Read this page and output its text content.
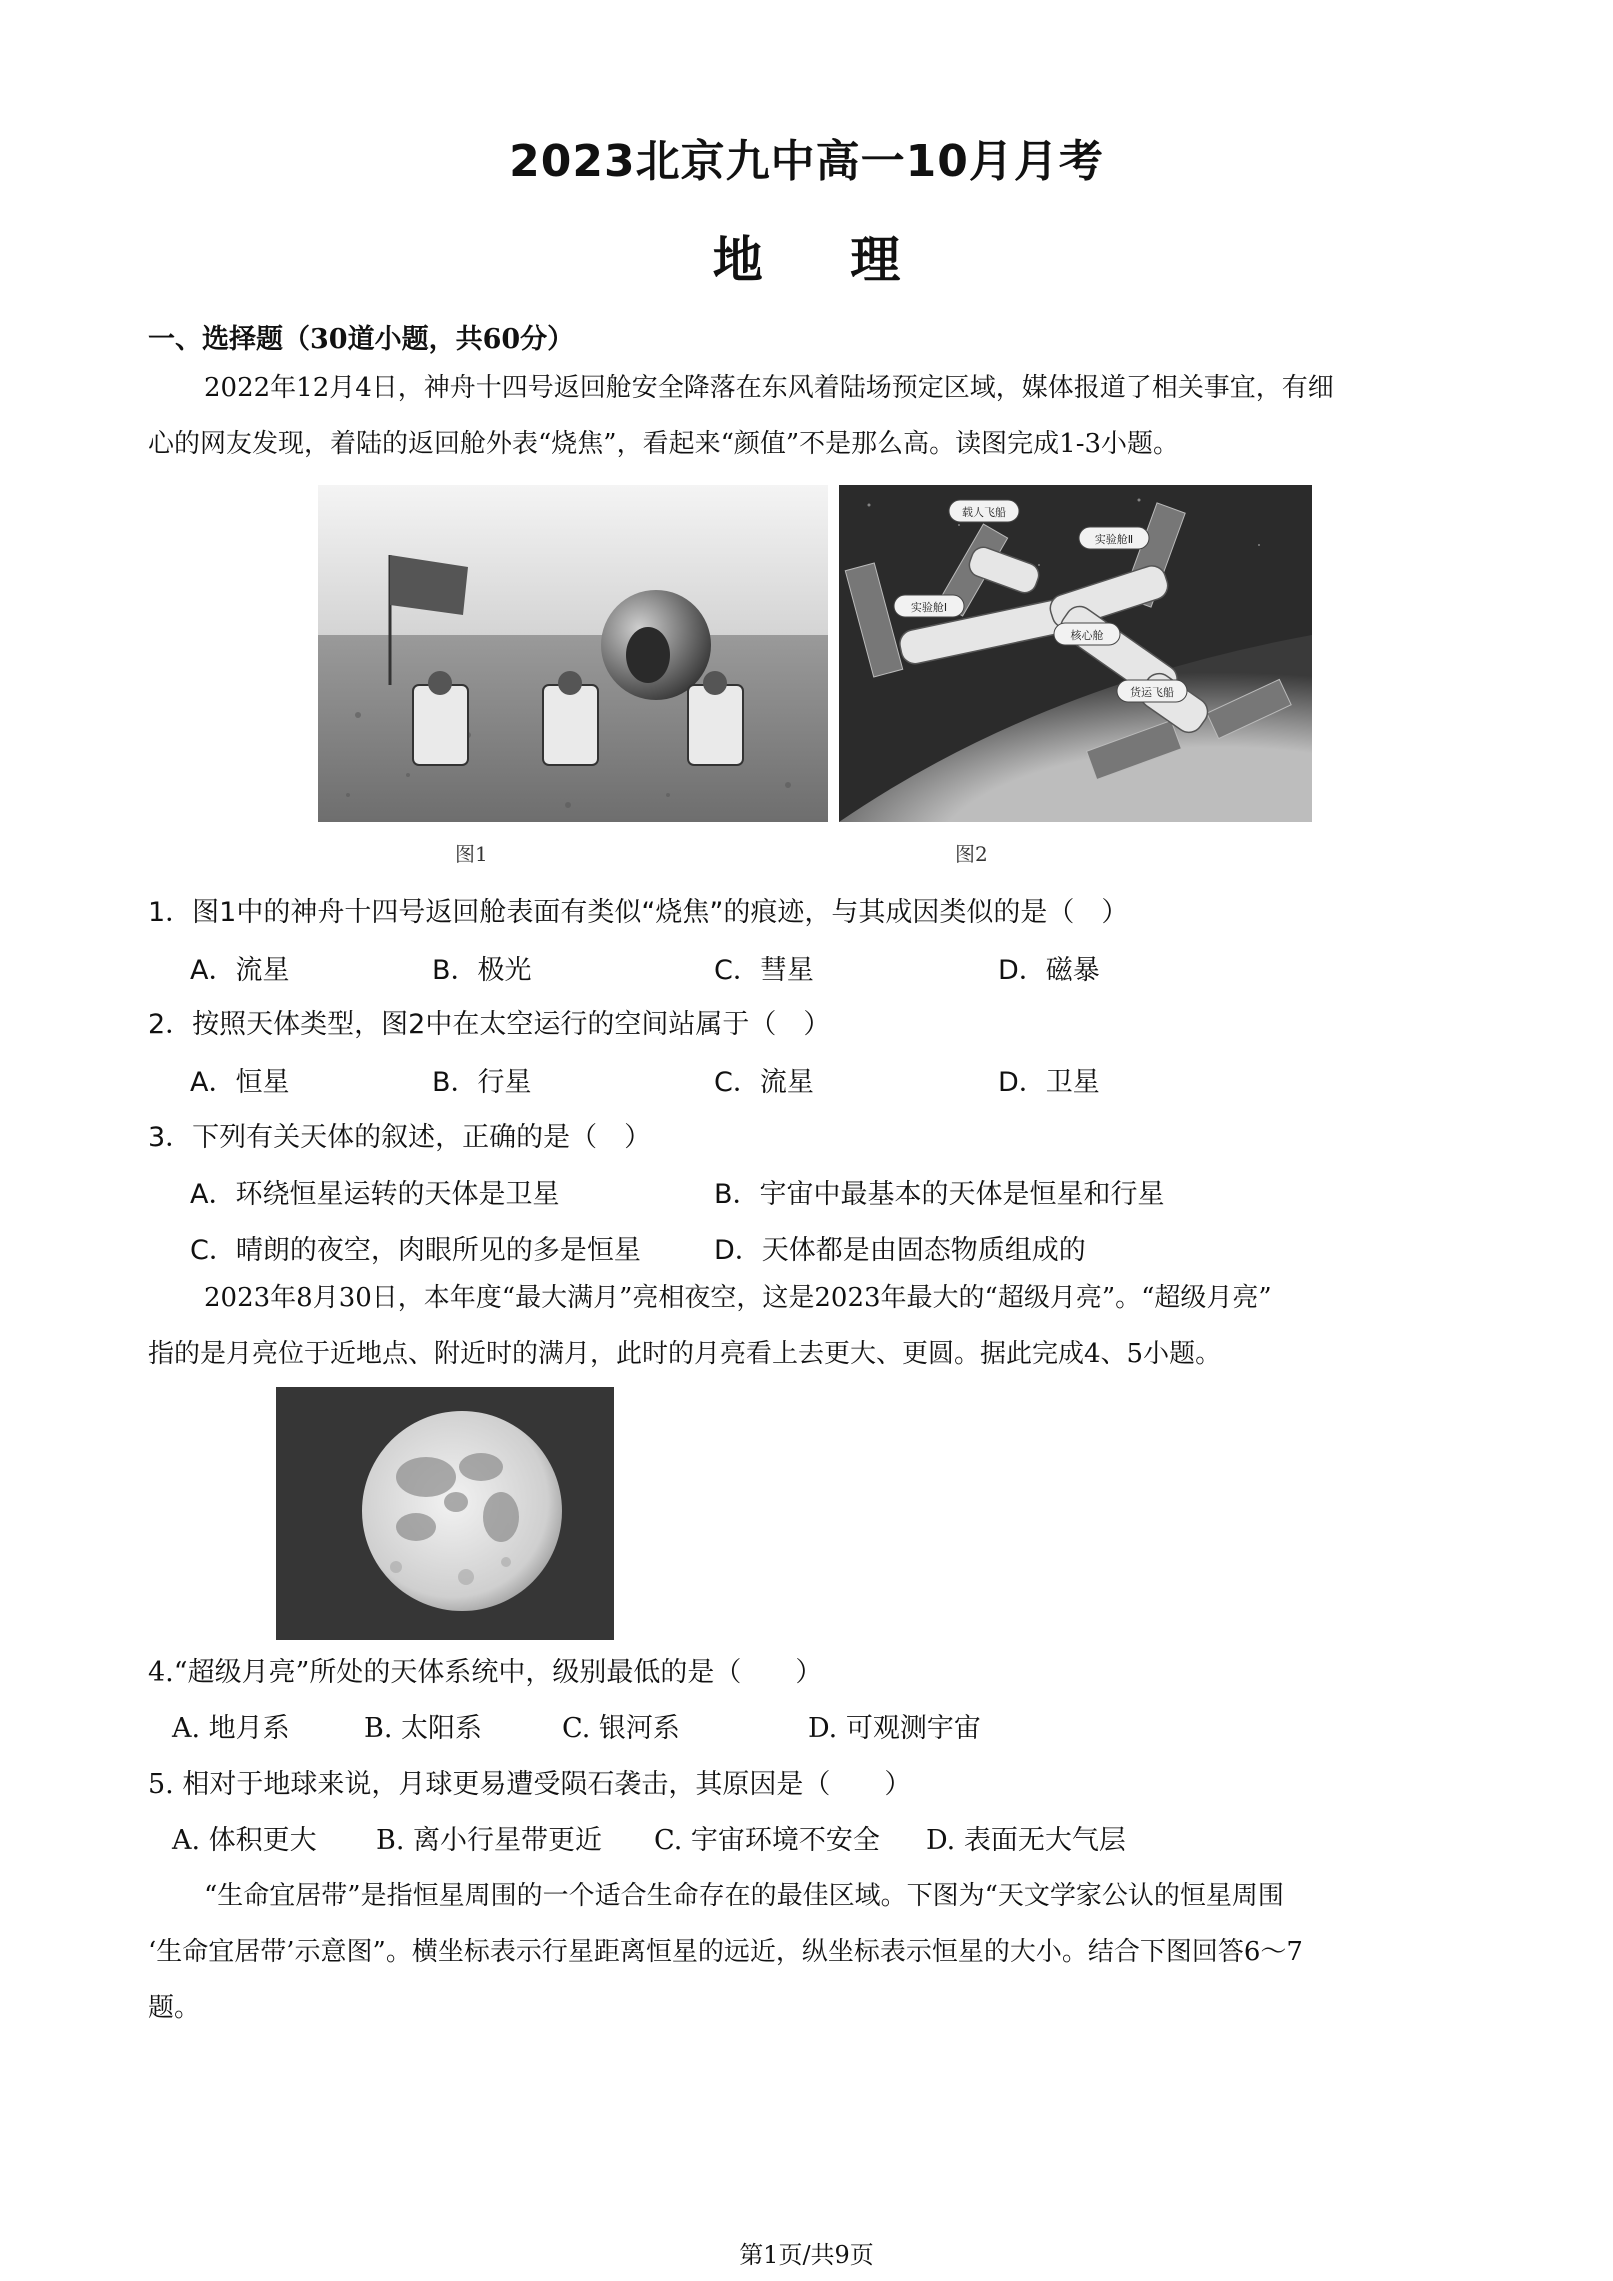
2023北京九中高一10月月考
地 理
一、选择题（30道小题，共60分）
2022年12月4日，神舟十四号返回舱安全降落在东风着陆场预定区域，媒体报道了相关事宜，有细
心的网友发现，着陆的返回舱外表“烧焦”，看起来“颜值”不是那么高。读图完成1-3小题。
图1
载人飞船
实验舱Ⅱ
实验舱Ⅰ
核心舱
货运飞船
图2
1．图1中的神舟十四号返回舱表面有类似“烧焦”的痕迹，与其成因类似的是（　）
A．流星	B．极光	C．彗星	D．磁暴
2．按照天体类型，图2中在太空运行的空间站属于（　）
A．恒星	B．行星	C．流星	D．卫星
3．下列有关天体的叙述，正确的是（　）
A．环绕恒星运转的天体是卫星	B．宇宙中最基本的天体是恒星和行星
C．晴朗的夜空，肉眼所见的多是恒星	D．天体都是由固态物质组成的
2023年8月30日，本年度“最大满月”亮相夜空，这是2023年最大的“超级月亮”。“超级月亮”
指的是月亮位于近地点、附近时的满月，此时的月亮看上去更大、更圆。据此完成4、5小题。
4.“超级月亮”所处的天体系统中，级别最低的是（　　）
A. 地月系	B. 太阳系	C. 银河系	D. 可观测宇宙
5. 相对于地球来说，月球更易遭受陨石袭击，其原因是（　　）
A. 体积更大 B. 离小行星带更近 C. 宇宙环境不安全 D. 表面无大气层
“生命宜居带”是指恒星周围的一个适合生命存在的最佳区域。下图为“天文学家公认的恒星周围
‘生命宜居带’示意图”。横坐标表示行星距离恒星的远近，纵坐标表示恒星的大小。结合下图回答6～7
题。
第1页/共9页
